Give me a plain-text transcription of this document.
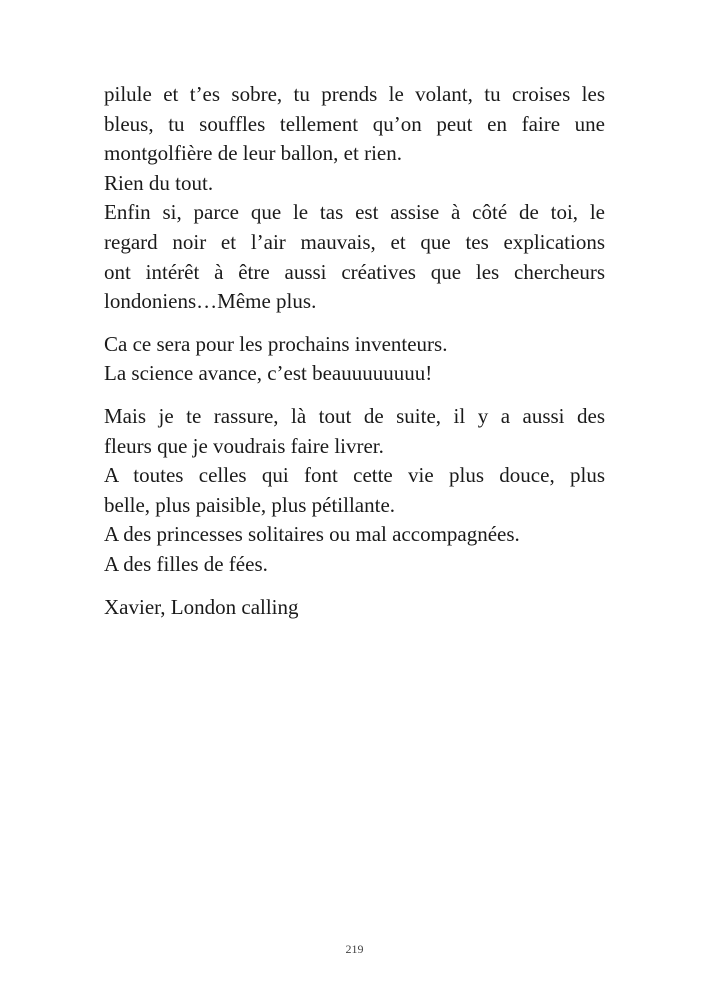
pilule et t’es sobre, tu prends le volant, tu croises les
bleus, tu souffles tellement qu’on peut en faire une
montgolfière de leur ballon, et rien.
Rien du tout.
Enfin si, parce que le tas est assise à côté de toi, le
regard noir et l’air mauvais, et que tes explications
ont intérêt à être aussi créatives que les chercheurs
londoniens…Même plus.
Ca ce sera pour les prochains inventeurs.
La science avance, c’est beauuuuuuuu!
Mais je te rassure, là tout de suite, il y a aussi des
fleurs que je voudrais faire livrer.
A toutes celles qui font cette vie plus douce, plus
belle, plus paisible, plus pétillante.
A des princesses solitaires ou mal accompagnées.
A des filles de fées.
Xavier, London calling
219
